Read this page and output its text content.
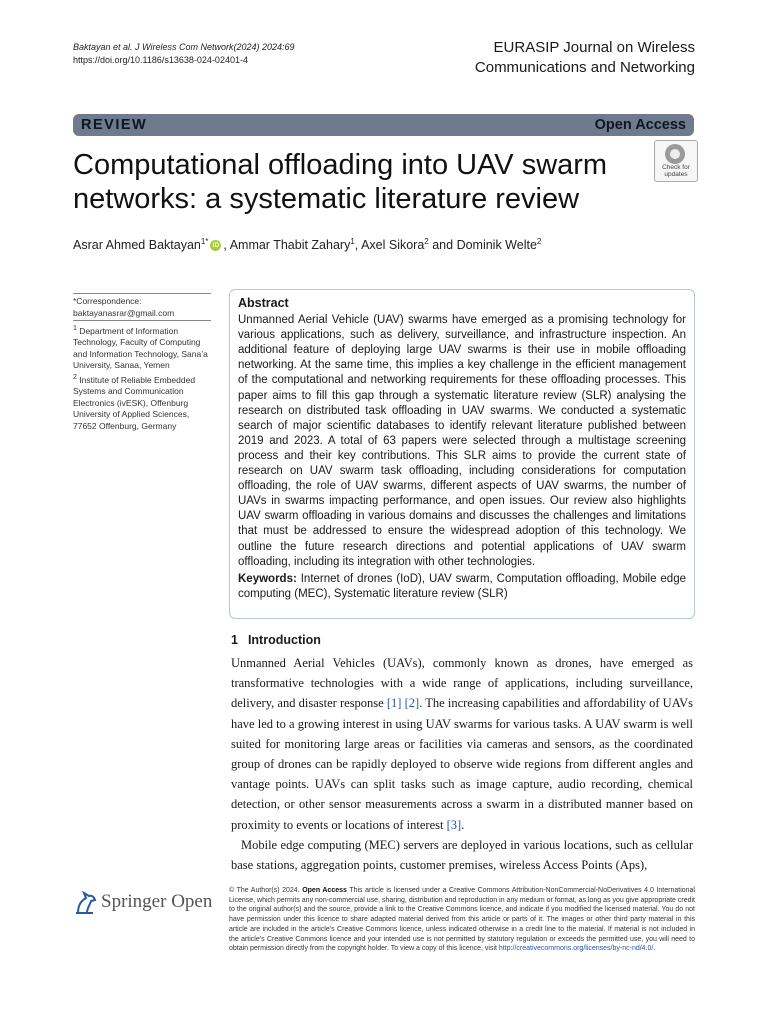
Baktayan et al. J Wireless Com Network(2024) 2024:69
https://doi.org/10.1186/s13638-024-02401-4
EURASIP Journal on Wireless
Communications and Networking
REVIEW	Open Access
Computational offloading into UAV swarm networks: a systematic literature review
Check for
updates
Asrar Ahmed Baktayan$^{1*}$ iD , Ammar Thabit Zahary$^1$, Axel Sikora$^2$ and Dominik Welte$^2$
*Correspondence:
baktayanasrar@gmail.com
$^1$ Department of Information Technology, Faculty of Computing and Information Technology, Sana’a University, Sanaa, Yemen
$^2$ Institute of Reliable Embedded Systems and Communication Electronics (ivESK), Offenburg University of Applied Sciences, 77652 Offenburg, Germany
Abstract

Unmanned Aerial Vehicle (UAV) swarms have emerged as a promising technology for various applications, such as delivery, surveillance, and infrastructure inspection. An additional feature of deploying large UAV swarms is their use in mobile offloading networking. At the same time, this implies a key challenge in the efficient management of the computational and networking requirements for these offloading processes. This paper aims to fill this gap through a systematic literature review (SLR) analysing the research on distributed task offloading in UAV swarms. We conducted a systematic search of major scientific databases to identify relevant literature published between 2019 and 2023. A total of 63 papers were selected through a multistage screening process and their key contributions. This SLR aims to provide the current state of research on UAV swarm task offloading, including considerations for computation offloading, the role of UAV swarms, different aspects of UAV swarms, the number of UAVs in swarms impacting performance, and open issues. Our review also highlights UAV swarm offloading in various domains and discusses the challenges and limitations that must be addressed to ensure the widespread adoption of this technology. We outline the future research directions and potential applications of UAV swarm offloading, including its integration with other technologies.

Keywords: Internet of drones (IoD), UAV swarm, Computation offloading, Mobile edge computing (MEC), Systematic literature review (SLR)

1 Introduction

Unmanned Aerial Vehicles (UAVs), commonly known as drones, have emerged as transformative technologies with a wide range of applications, including surveillance, delivery, and disaster response [1] [2]. The increasing capabilities and affordability of UAVs have led to a growing interest in using UAV swarms for various tasks. A UAV swarm is well suited for monitoring large areas or facilities via cameras and sensors, as the coordinated group of drones can be rapidly deployed to observe wide regions from different angles and vantage points. UAVs can split tasks such as image capture, audio recording, chemical detection, or other sensor measurements across a swarm in a distributed manner based on proximity to events or locations of interest [3].

Mobile edge computing (MEC) servers are deployed in various locations, such as cellular base stations, aggregation points, customer premises, wireless Access Points (Aps),

Springer Open
© The Author(s) 2024. Open Access This article is licensed under a Creative Commons Attribution-NonCommercial-NoDerivatives 4.0 International License, which permits any non-commercial use, sharing, distribution and reproduction in any medium or format, as long as you give appropriate credit to the original author(s) and the source, provide a link to the Creative Commons licence, and indicate if you modified the licensed material. You do not have permission under this licence to share adapted material derived from this article or parts of it. The images or other third party material in this article are included in the article’s Creative Commons licence, unless indicated otherwise in a credit line to the material. If material is not included in the article’s Creative Commons licence and your intended use is not permitted by statutory regulation or exceeds the permitted use, you will need to obtain permission directly from the copyright holder. To view a copy of this licence, visit http://creativecommons.org/licenses/by-nc-nd/4.0/.
